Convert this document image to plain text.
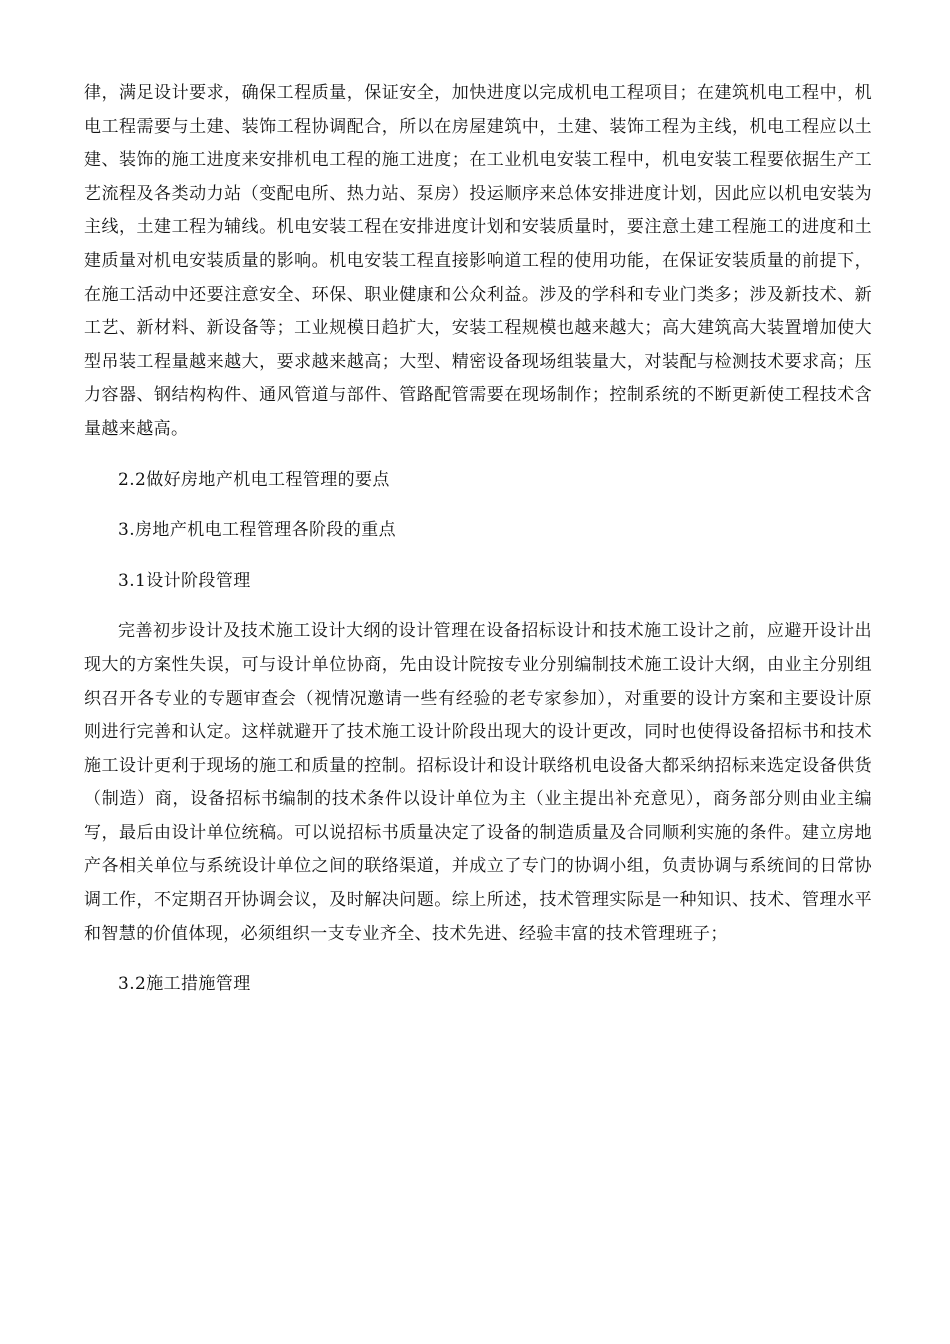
律，满足设计要求，确保工程质量，保证安全，加快进度以完成机电工程项目；在建筑机电工程中，机电工程需要与土建、装饰工程协调配合，所以在房屋建筑中，土建、装饰工程为主线，机电工程应以土建、装饰的施工进度来安排机电工程的施工进度；在工业机电安装工程中，机电安装工程要依据生产工艺流程及各类动力站（变配电所、热力站、泵房）投运顺序来总体安排进度计划，因此应以机电安装为主线，土建工程为辅线。机电安装工程在安排进度计划和安装质量时，要注意土建工程施工的进度和土建质量对机电安装质量的影响。机电安装工程直接影响道工程的使用功能，在保证安装质量的前提下，在施工活动中还要注意安全、环保、职业健康和公众利益。涉及的学科和专业门类多；涉及新技术、新工艺、新材料、新设备等；工业规模日趋扩大，安装工程规模也越来越大；高大建筑高大装置增加使大型吊装工程量越来越大，要求越来越高；大型、精密设备现场组装量大，对装配与检测技术要求高；压力容器、钢结构构件、通风管道与部件、管路配管需要在现场制作；控制系统的不断更新使工程技术含量越来越高。

2.2做好房地产机电工程管理的要点

3.房地产机电工程管理各阶段的重点

3.1设计阶段管理

完善初步设计及技术施工设计大纲的设计管理在设备招标设计和技术施工设计之前，应避开设计出现大的方案性失误，可与设计单位协商，先由设计院按专业分别编制技术施工设计大纲，由业主分别组织召开各专业的专题审查会（视情况邀请一些有经验的老专家参加），对重要的设计方案和主要设计原则进行完善和认定。这样就避开了技术施工设计阶段出现大的设计更改，同时也使得设备招标书和技术施工设计更利于现场的施工和质量的控制。招标设计和设计联络机电设备大都采纳招标来选定设备供货（制造）商，设备招标书编制的技术条件以设计单位为主（业主提出补充意见），商务部分则由业主编写，最后由设计单位统稿。可以说招标书质量决定了设备的制造质量及合同顺利实施的条件。建立房地产各相关单位与系统设计单位之间的联络渠道，并成立了专门的协调小组，负责协调与系统间的日常协调工作，不定期召开协调会议，及时解决问题。综上所述，技术管理实际是一种知识、技术、管理水平和智慧的价值体现，必须组织一支专业齐全、技术先进、经验丰富的技术管理班子；

3.2施工措施管理
